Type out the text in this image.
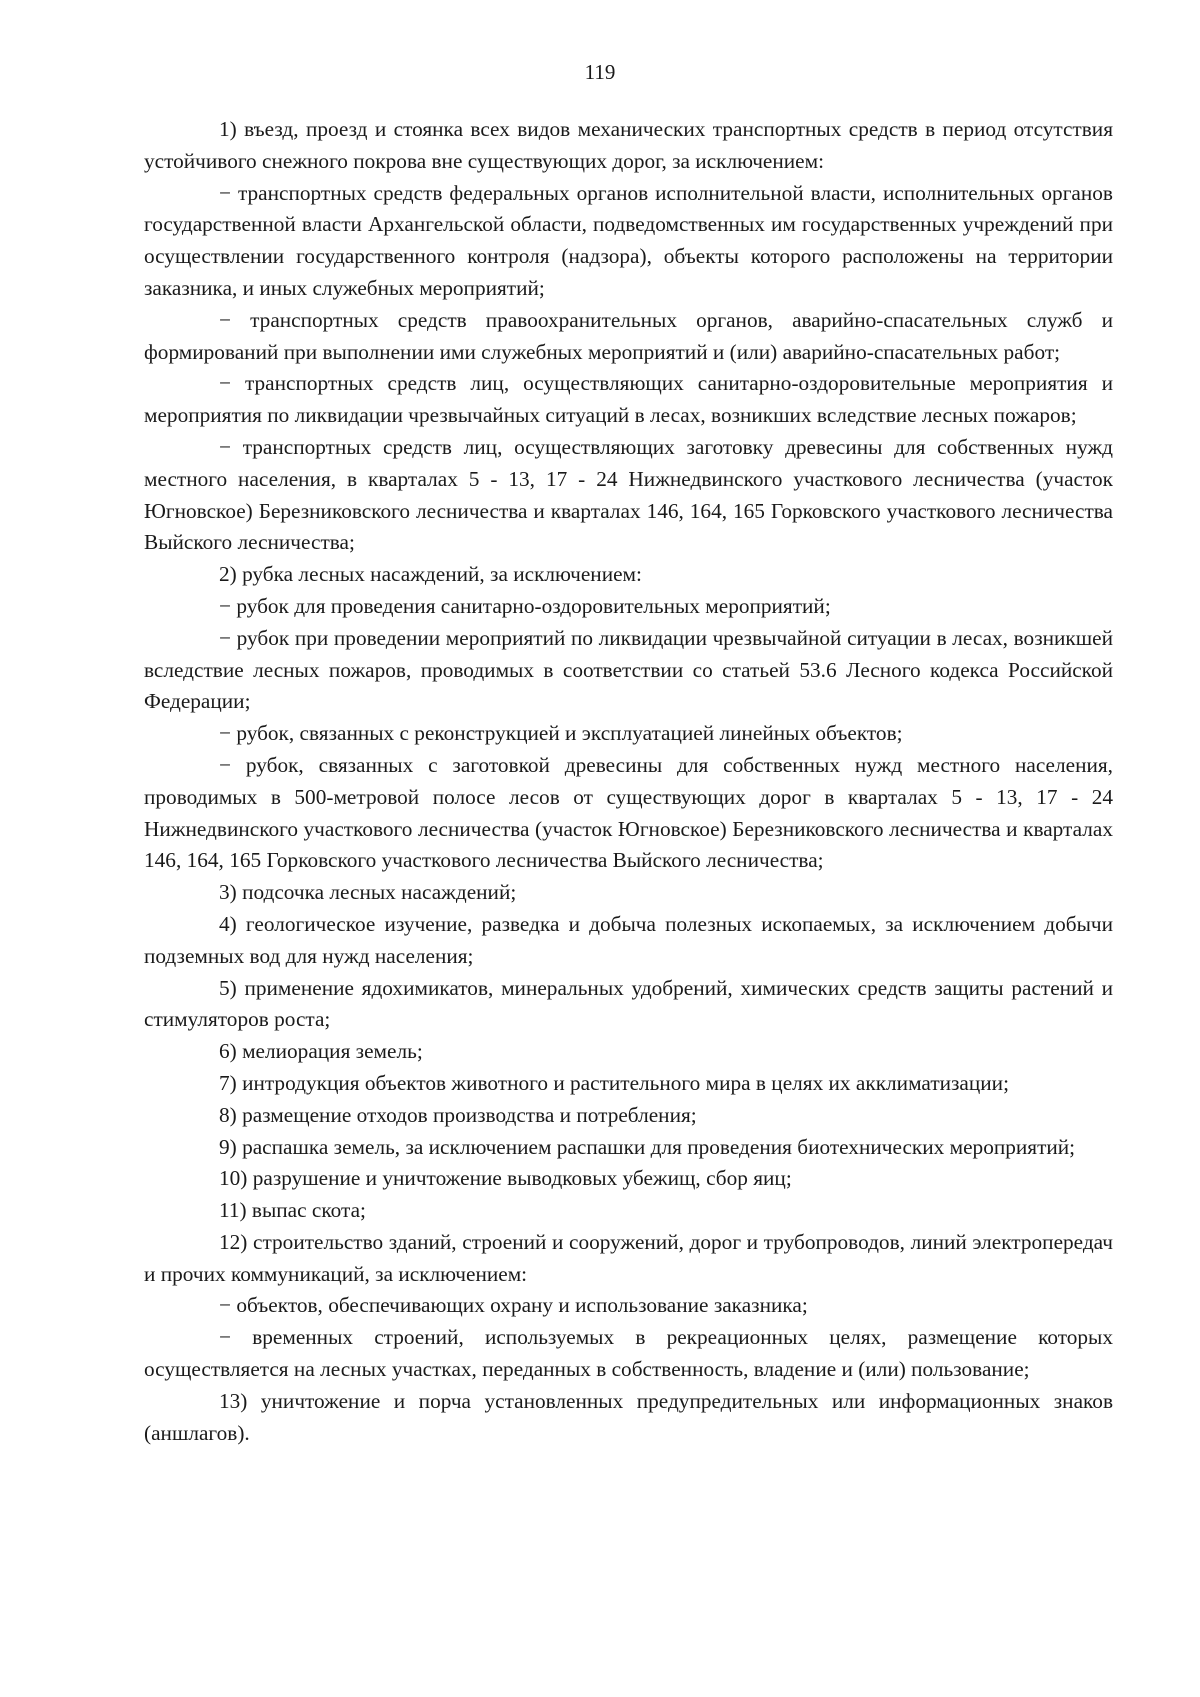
119

1) въезд, проезд и стоянка всех видов механических транспортных средств в период отсутствия устойчивого снежного покрова вне существующих дорог, за исключением:

− транспортных средств федеральных органов исполнительной власти, исполнительных органов государственной власти Архангельской области, подведомственных им государственных учреждений при осуществлении государственного контроля (надзора), объекты которого расположены на территории заказника, и иных служебных мероприятий;

− транспортных средств правоохранительных органов, аварийно-спасательных служб и формирований при выполнении ими служебных мероприятий и (или) аварийно-спасательных работ;

− транспортных средств лиц, осуществляющих санитарно-оздоровительные мероприятия и мероприятия по ликвидации чрезвычайных ситуаций в лесах, возникших вследствие лесных пожаров;

− транспортных средств лиц, осуществляющих заготовку древесины для собственных нужд местного населения, в кварталах 5 - 13, 17 - 24 Нижнедвинского участкового лесничества (участок Югновское) Березниковского лесничества и кварталах 146, 164, 165 Горковского участкового лесничества Выйского лесничества;

2) рубка лесных насаждений, за исключением:

− рубок для проведения санитарно-оздоровительных мероприятий;

− рубок при проведении мероприятий по ликвидации чрезвычайной ситуации в лесах, возникшей вследствие лесных пожаров, проводимых в соответствии со статьей 53.6 Лесного кодекса Российской Федерации;

− рубок, связанных с реконструкцией и эксплуатацией линейных объектов;

− рубок, связанных с заготовкой древесины для собственных нужд местного населения, проводимых в 500-метровой полосе лесов от существующих дорог в кварталах 5 - 13, 17 - 24 Нижнедвинского участкового лесничества (участок Югновское) Березниковского лесничества и кварталах 146, 164, 165 Горковского участкового лесничества Выйского лесничества;

3) подсочка лесных насаждений;

4) геологическое изучение, разведка и добыча полезных ископаемых, за исключением добычи подземных вод для нужд населения;

5) применение ядохимикатов, минеральных удобрений, химических средств защиты растений и стимуляторов роста;

6) мелиорация земель;

7) интродукция объектов животного и растительного мира в целях их акклиматизации;

8) размещение отходов производства и потребления;

9) распашка земель, за исключением распашки для проведения биотехнических мероприятий;

10) разрушение и уничтожение выводковых убежищ, сбор яиц;

11) выпас скота;

12) строительство зданий, строений и сооружений, дорог и трубопроводов, линий электропередач и прочих коммуникаций, за исключением:

− объектов, обеспечивающих охрану и использование заказника;

− временных строений, используемых в рекреационных целях, размещение которых осуществляется на лесных участках, переданных в собственность, владение и (или) пользование;

13) уничтожение и порча установленных предупредительных или информационных знаков (аншлагов).
